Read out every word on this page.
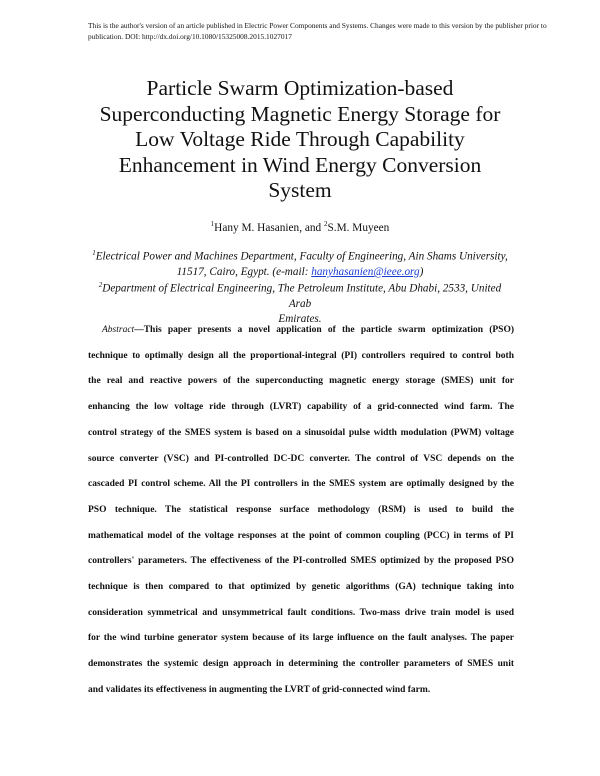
This is the author's version of an article published in Electric Power Components and Systems. Changes were made to this version by the publisher prior to
publication. DOI: http://dx.doi.org/10.1080/15325008.2015.1027017
Particle Swarm Optimization-based
Superconducting Magnetic Energy Storage for
Low Voltage Ride Through Capability
Enhancement in Wind Energy Conversion
System
$^1$Hany M. Hasanien, and $^2$S.M. Muyeen
$^1$Electrical Power and Machines Department, Faculty of Engineering, Ain Shams University,
11517, Cairo, Egypt. (e-mail: hanyhasanien@ieee.org)
$^2$Department of Electrical Engineering, The Petroleum Institute, Abu Dhabi, 2533, United Arab
Emirates.
Abstract—This paper presents a novel application of the particle swarm optimization (PSO)
technique to optimally design all the proportional-integral (PI) controllers required to control both
the real and reactive powers of the superconducting magnetic energy storage (SMES) unit for
enhancing the low voltage ride through (LVRT) capability of a grid-connected wind farm. The
control strategy of the SMES system is based on a sinusoidal pulse width modulation (PWM) voltage
source converter (VSC) and PI-controlled DC-DC converter. The control of VSC depends on the
cascaded PI control scheme. All the PI controllers in the SMES system are optimally designed by the
PSO technique. The statistical response surface methodology (RSM) is used to build the
mathematical model of the voltage responses at the point of common coupling (PCC) in terms of PI
controllers' parameters. The effectiveness of the PI-controlled SMES optimized by the proposed PSO
technique is then compared to that optimized by genetic algorithms (GA) technique taking into
consideration symmetrical and unsymmetrical fault conditions. Two-mass drive train model is used
for the wind turbine generator system because of its large influence on the fault analyses. The paper
demonstrates the systemic design approach in determining the controller parameters of SMES unit
and validates its effectiveness in augmenting the LVRT of grid-connected wind farm.
